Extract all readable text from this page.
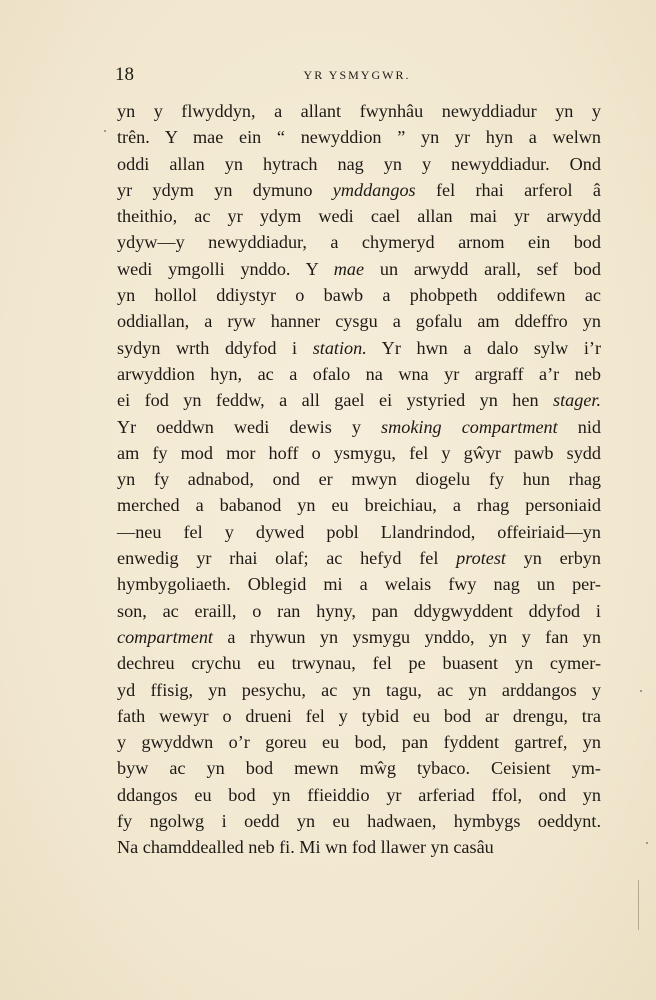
18	YR YSMYGWR.
yn y flwyddyn, a allant fwynhâu newyddiadur yn y
trên. Y mae ein “ newyddion ” yn yr hyn a welwn
oddi allan yn hytrach nag yn y newyddiadur. Ond
yr ydym yn dymuno ymddangos fel rhai arferol â
theithio, ac yr ydym wedi cael allan mai yr arwydd
ydyw—y newyddiadur, a chymeryd arnom ein bod
wedi ymgolli ynddo. Y mae un arwydd arall, sef bod
yn hollol ddiystyr o bawb a phobpeth oddifewn ac
oddiallan, a ryw hanner cysgu a gofalu am ddeffro yn
sydyn wrth ddyfod i station. Yr hwn a dalo sylw i’r
arwyddion hyn, ac a ofalo na wna yr argraff a’r neb
ei fod yn feddw, a all gael ei ystyried yn hen stager.
Yr oeddwn wedi dewis y smoking compartment nid
am fy mod mor hoff o ysmygu, fel y gŵyr pawb sydd
yn fy adnabod, ond er mwyn diogelu fy hun rhag
merched a babanod yn eu breichiau, a rhag personiaid
—neu fel y dywed pobl Llandrindod, offeiriaid—yn
enwedig yr rhai olaf; ac hefyd fel protest yn erbyn
hymbygoliaeth. Oblegid mi a welais fwy nag un per-
son, ac eraill, o ran hyny, pan ddygwyddent ddyfod i
compartment a rhywun yn ysmygu ynddo, yn y fan yn
dechreu crychu eu trwynau, fel pe buasent yn cymer-
yd ffisig, yn pesychu, ac yn tagu, ac yn arddangos y
fath wewyr o drueni fel y tybid eu bod ar drengu, tra
y gwyddwn o’r goreu eu bod, pan fyddent gartref, yn
byw ac yn bod mewn mŵg tybaco. Ceisient ym-
ddangos eu bod yn ffieiddio yr arferiad ffol, ond yn
fy ngolwg i oedd yn eu hadwaen, hymbygs oeddynt.
Na chamddealled neb fi. Mi wn fod llawer yn casâu
